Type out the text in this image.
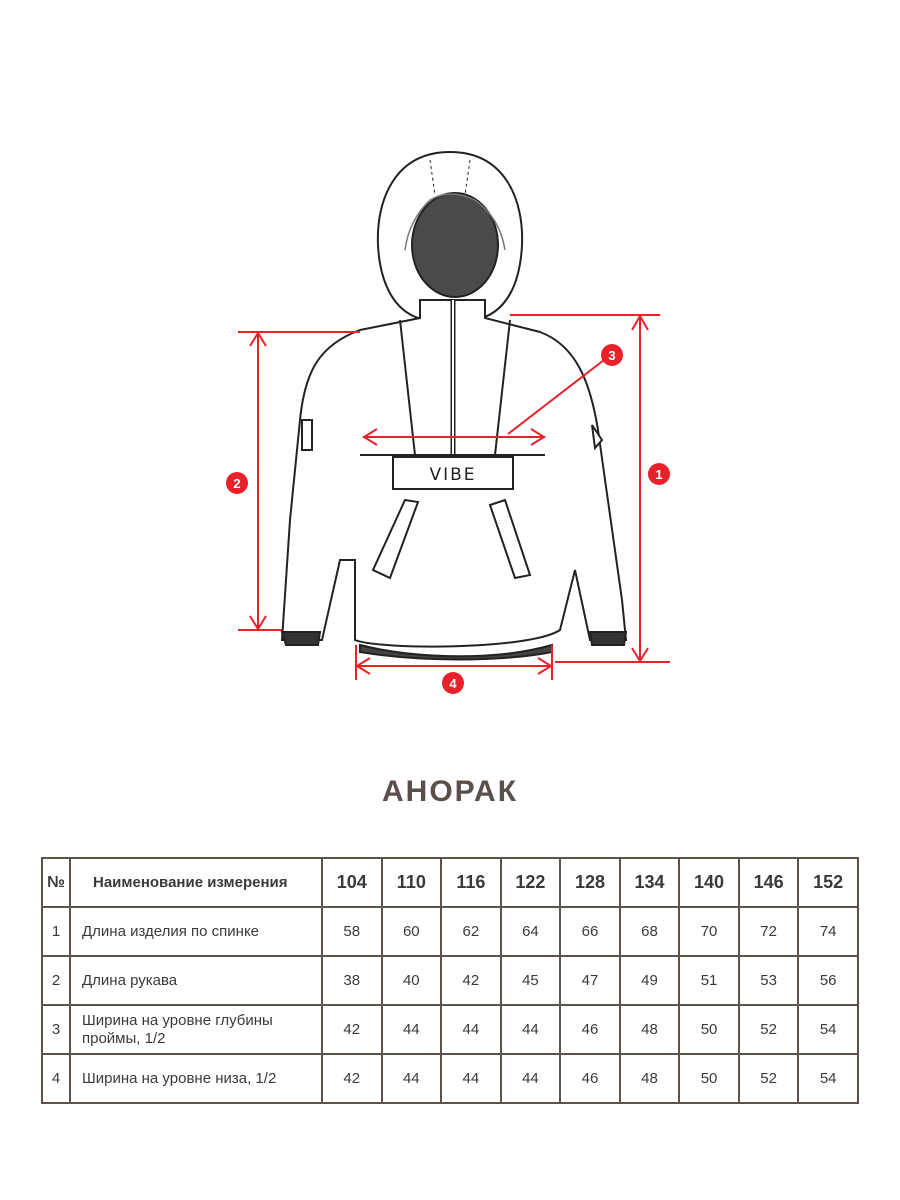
VIBE	1
2
3
4
АНОРАК
№	Наименование измерения	104	110	116	122	128	134	140	146	152
1	Длина изделия по спинке	58	60	62	64	66	68	70	72	74
2	Длина рукава	38	40	42	45	47	49	51	53	56
3	Ширина на уровне глубины проймы, 1/2	42	44	44	44	46	48	50	52	54
4	Ширина на уровне низа, 1/2	42	44	44	44	46	48	50	52	54
